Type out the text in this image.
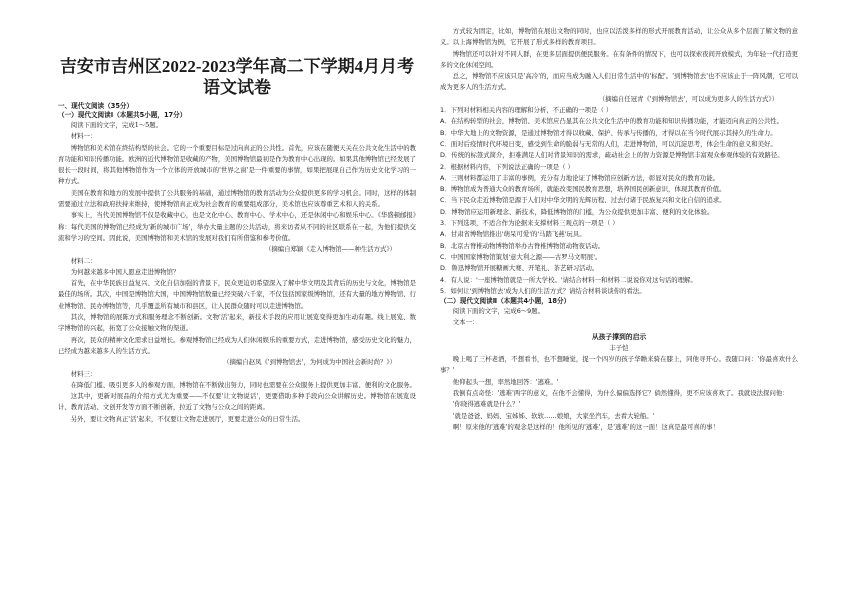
吉安市吉州区2022-2023学年高二下学期4月月考
语文试卷

一、现代文阅读（35分）

（一）现代文阅读Ⅰ（本题共5小题，17分）

阅读下面的文字，完成1～5题。

材料一：

博物馆和美术馆在終结构型的社会。它的一个重要目标是过向真正的公共性。首先，应该在随便天关在公共文化生活中的教育功能和知识传播功能。欧洲的近代博物馆是收藏的产物，美国博物馆最初是作为教育中心出现的。如果其他博物馆已经发展了很长一段时间，将其他博物馆作为一个立体的开放城市的'世界之窗'是一件重要的事情，如果把展现自己作为历史文化学习的一种方式。

美国在教育和地方的发展中提供了公共服务的基础，通过博物馆的教育活动为公众提供更多的学习机会。同时，这样的体制需要通过立法和政府扶持来维持，使博物馆真正成为社会教育的重要组成部分，美术馆也应该尊重艺术和人的关系。

事实上，当代美国博物馆不仅是收藏中心，也是文化中心、教育中心、学术中心，还是休闲中心和娱乐中心。《华盛顿邮报》称：每代美国的博物馆已经成为'新的城市广场'，举办大量主题的公共活动，将来访者从不同的社区联系在一起，为他们提供交流和学习的空间。因此说，美国博物馆和美术馆的发展对我们有所借鉴和参考价值。

（摘编自郑颖《走入博物馆——种生活方式》）

材料二：

为何越来越多中国人愿意走进博物馆？

首先，在中华民族日益复兴、文化自信加强的背景下，民众更迫切希望深入了解中华文明及其背后的历史与文化，博物馆是最佳的场所。其次，中国是博物馆大国，中国博物馆数量已经突破六千家，不仅包括国家级博物馆，还有大量的地方博物馆、行业博物馆、民办博物馆等，几乎覆盖所有城市和县区，让人民群众随时可以走进博物馆。

其次，博物馆的展陈方式和服务理念不断创新。文物'活'起来，新技术手段的应用让展览变得更加生动有趣。线上展览、数字博物馆的兴起，拓宽了公众接触文物的渠道。

再次，民众的精神文化需求日益增长。参观博物馆已经成为人们休闲娱乐的重要方式，走进博物馆，感受历史文化的魅力，已经成为越来越多人的生活方式。

（摘编自赵凤《'到博物馆去'，为何成为中国社会新时尚？》）

材料三：

在降低门槛、吸引更多人的参观方面，博物馆在不断做出努力，同时也需要在公众服务上提供更加丰富、便利的文化服务。

这其中，更新对展品的介绍方式尤为重要——不仅要'让文物说话'，更要借助多种手段向公众讲解历史。博物馆在展览设计、教育活动、文创开发等方面不断创新，拉近了文物与公众之间的距离。

另外，要让文物真正'活'起来，不仅要让文物走进展厅，更要走进公众的日常生活。

方式较为固定，比如，博物馆在展出文物的同时，也应以活泼多样的形式开展教育活动，让公众从多个层面了解文物的意义。以上海博物馆为例，它开展了形式多样的教育项目。

博物馆还可以针对不同人群，在更多层面提供便民服务。在有条件的情况下，也可以探索夜间开放模式，为年轻一代打造更多的文化休闲空间。

总之，博物馆不应该只是'高冷'的，而应当成为融入人们日常生活中的'标配'。'到博物馆去'也不应该止于一阵风潮，它可以成为更多人的生活方式。

（摘编自任冠青《'到博物馆去'，可以成为更多人的生活方式》）

1．下列对材料相关内容的理解和分析，不正确的一项是（ ）

A．在结构转型的社会，博物馆、美术馆应凸显其在公共文化生活中的教育功能和知识传播功能，才能迈向真正的公共性。

B．中华大地上的文物资源，是通过博物馆才得以收藏、保护、传承与传播的，才得以在当今时代展示其持久的生命力。

C．面对后疫情时代环境日变，感受到生命的脆弱与无常的人们，走进博物馆，可以沉淀思考，体会生命的意义和美好。

D．传统的标签式简介，拒难满足人们对背景知识的需求，疏动社会上的智力资源是博物馆丰富观众参观体验的有效路径。

2．根据材料内容，下列说法正确的一项是（ ）

A．三则材料都运用了丰富的事例，充分有力地论证了博物馆应创新方法，彰显对民众的教育功能。

B．博物馆成为普通大众的教育场所，就能改变国民教育思想，培养国民创新意识，体现其教育价值。

C．当下民众走近博物馆是源于人们对中华文明的光辉历程、过去付诸于民族复兴和文化自信的追求。

D．博物馆应运用新理念、新技术，降低博物馆的门槛，为公众提供更加丰富、便利的文化体验。

3．下列选项，不适合作为论据来支撑材料三观点的一项是（ ）

A．甘肃省博物馆推出'萌呆可爱'的'马踏飞燕'玩具。

B．北京古脊椎动物博物馆举办古脊椎博物馆动物夜话动。

C．中国国家博物馆策划'意大利之源——古罗马文明展'。

D．鲁迅博物馆开展糖画大赛、开笔礼、茶艺研习活动。

4．有人说：'一座博物馆就是一所大学校。'请结合材料一和材料二说说你对这句话的理解。

5．如何让'到博物馆去'成为人们的生活方式？请结合材料谈谈你的看法。

（二）现代文阅读Ⅱ（本题共4小题，18分）

阅读下面的文字，完成6～9题。

文本一：

从孩子撑到的启示

丰子恺

晚上喝了三杯老酒，不想看书，也不想睡觉，捉一个四岁的孩子华瞻来骑在膝上，同他寻开心。我随口问：'你最喜欢什么事？'

他仰起头一想，率然地回答：'逃难。'

我倒有点奇怪：'逃难'两字的意义，在他不会懂得，为什么偏偏选择它？倘然懂得，更不应该喜欢了。我就设法探问他：

'你晓得逃难就是什么？'

'就是爸爸、妈妈、宝姊姊、软软……娘娘，大家坐汽车，去看大轮船。'

啊！原来他的'逃难'的观念是这样的！他所见的'逃难'，是'逃难'的这一面！这真是最可喜的事！
